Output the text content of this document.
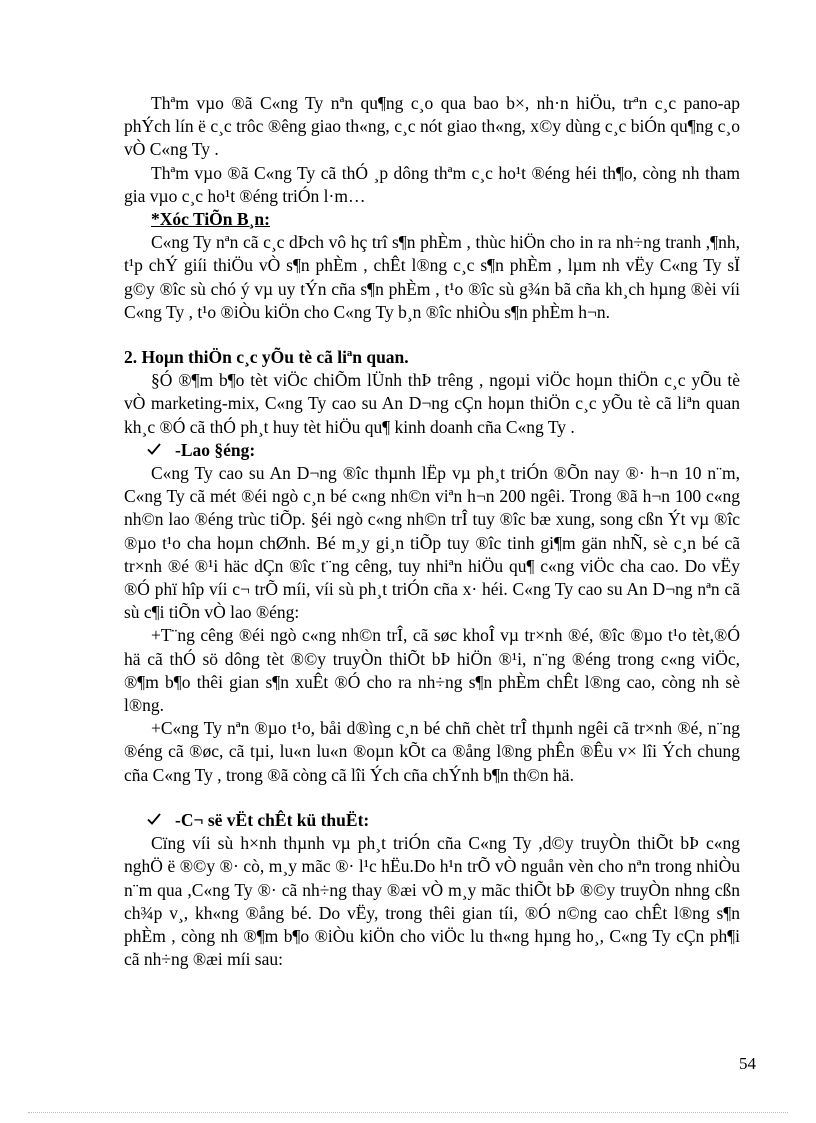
Thªm vµo ®ã C«ng Ty nªn qu¶ng c¸o qua bao b×, nh·n hiÖu, trªn c¸c pano-ap phÝch lín ë c¸c trôc ®êng giao th«ng, c¸c nót giao th«ng, x©y dùng c¸c biÓn qu¶ng c¸o vÒ C«ng Ty .

Thªm vµo ®ã C«ng Ty cã thÓ ¸p dông thªm c¸c ho¹t ®éng héi th¶o, còng nh tham gia vµo c¸c ho¹t ®éng triÓn l·m…

*Xóc TiÕn B¸n:

C«ng Ty nªn cã c¸c dÞch vô hç trî s¶n phÈm , thùc hiÖn cho in ra nh÷ng tranh ,¶nh, t¹p chÝ giíi thiÖu vÒ s¶n phÈm , chÊt l®ng c¸c s¶n phÈm , lµm nh vËy C«ng Ty sÏ g©y ®îc sù chó ý vµ uy tÝn cña s¶n phÈm , t¹o ®îc sù g¾n bã cña kh¸ch hµng ®èi víi C«ng Ty , t¹o ®iÒu kiÖn cho C«ng Ty b¸n ®îc nhiÒu s¶n phÈm h¬n.

2. Hoµn thiÖn c¸c yÕu tè cã liªn quan.

§Ó ®¶m b¶o tèt viÖc chiÕm lÜnh thÞ trêng , ngoµi viÖc hoµn thiÖn c¸c yÕu tè vÒ marketing-mix, C«ng Ty cao su An D¬ng cÇn hoµn thiÖn c¸c yÕu tè cã liªn quan kh¸c ®Ó cã thÓ ph¸t huy tèt hiÖu qu¶ kinh doanh cña C«ng Ty .

-Lao §éng:

C«ng Ty cao su An D¬ng ®îc thµnh lËp vµ ph¸t triÓn ®Õn nay ®· h¬n 10 n¨m, C«ng Ty cã mét ®éi ngò c¸n bé c«ng nh©n viªn h¬n 200 ngêi. Trong ®ã h¬n 100 c«ng nh©n lao ®éng trùc tiÕp. §éi ngò c«ng nh©n trÎ tuy ®îc bæ xung, song cßn Ýt vµ ®îc ®µo t¹o cha hoµn chØnh. Bé m¸y gi¸n tiÕp tuy ®îc tinh gi¶m gän nhÑ, sè c¸n bé cã tr×nh ®é ®¹i häc dÇn ®îc t¨ng cêng, tuy nhiªn hiÖu qu¶ c«ng viÖc cha cao. Do vËy ®Ó phï hîp víi c¬ trÕ míi, víi sù ph¸t triÓn cña x· héi. C«ng Ty cao su An D¬ng nªn cã sù c¶i tiÕn vÒ lao ®éng:

+T¨ng cêng ®éi ngò c«ng nh©n trÎ, cã søc khoÎ vµ tr×nh ®é, ®îc ®µo t¹o tèt,®Ó hä cã thÓ sö dông tèt ®©y truyÒn thiÕt bÞ hiÖn ®¹i, n¨ng ®éng trong c«ng viÖc, ®¶m b¶o thêi gian s¶n xuÊt ®Ó cho ra nh÷ng s¶n phÈm chÊt l®ng cao, còng nh sè l®ng.

+C«ng Ty nªn ®µo t¹o, båi d®ìng c¸n bé chñ chèt trÎ thµnh ngêi cã tr×nh ®é, n¨ng ®éng cã ®øc, cã tµi, lu«n lu«n ®oµn kÕt ca ®ång l®ng phÊn ®Êu v× lîi Ých chung cña C«ng Ty , trong ®ã còng cã lîi Ých cña chÝnh b¶n th©n hä.

-C¬ së vËt chÊt kü thuËt:

Cïng víi sù h×nh thµnh vµ ph¸t triÓn cña C«ng Ty ,d©y truyÒn thiÕt bÞ c«ng nghÖ ë ®©y ®· cò, m¸y mãc ®· l¹c hËu.Do h¹n trÕ vÒ nguån vèn cho nªn trong nhiÒu n¨m qua ,C«ng Ty ®· cã nh÷ng thay ®æi vÒ m¸y mãc thiÕt bÞ ®©y truyÒn nhng cßn ch¾p v¸, kh«ng ®ång bé. Do vËy, trong thêi gian tíi, ®Ó n©ng cao chÊt l®ng s¶n phÈm , còng nh ®¶m b¶o ®iÒu kiÖn cho viÖc lu th«ng hµng ho¸, C«ng Ty cÇn ph¶i cã nh÷ng ®æi míi sau:

54
